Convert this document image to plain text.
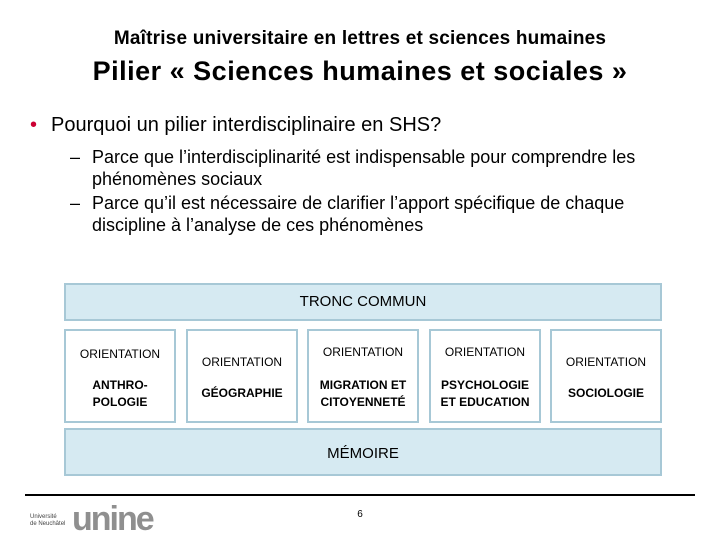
Maîtrise universitaire en lettres et sciences humaines
Pilier « Sciences humaines et sociales »
• Pourquoi un pilier interdisciplinaire en SHS?
– Parce que l’interdisciplinarité est indispensable pour comprendre les phénomènes sociaux
– Parce qu’il est nécessaire de clarifier l’apport spécifique de chaque discipline à l’analyse de ces phénomènes
TRONC COMMUN
ORIENTATION
ANTHRO-
POLOGIE
ORIENTATION
GÉOGRAPHIE
ORIENTATION
MIGRATION ET
CITOYENNETÉ
ORIENTATION
PSYCHOLOGIE
ET EDUCATION
ORIENTATION
SOCIOLOGIE
MÉMOIRE
unine
Université
de Neuchâtel
6
